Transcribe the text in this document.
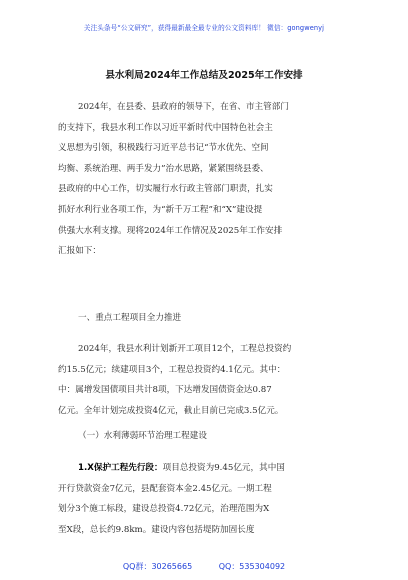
关注头条号“公文研究”，获得最新最全最专业的公文资料库！ 微信：gongwenyj
县水利局2024年工作总结及2025年工作安排
2024年，在县委、县政府的领导下，在省、市主管部门
的支持下，我县水利工作以习近平新时代中国特色社会主
义思想为引领，积极践行习近平总书记“节水优先、空间
均衡、系统治理、两手发力”治水思路，紧紧围绕县委、
县政府的中心工作，切实履行水行政主管部门职责，扎实
抓好水利行业各项工作，为“新千万工程”和“X”建设提
供强大水利支撑。现将2024年工作情况及2025年工作安排
汇报如下：
一、重点工程项目全力推进
2024年，我县水利计划新开工项目12个，工程总投资约
约15.5亿元；续建项目3个，工程总投资约4.1亿元。其中：
中：属增发国债项目共计8项，下达增发国债资金达0.87
亿元。全年计划完成投资4亿元，截止目前已完成3.5亿元。
（一）水利薄弱环节治理工程建设
1.X保护工程先行段：项目总投资为9.45亿元，其中国
开行贷款资金7亿元，县配套资本金2.45亿元。一期工程
划分3个施工标段，建设总投资4.72亿元，治理范围为X
至X段，总长约9.8km。建设内容包括堤防加固长度
QQ群：30265665	QQ：535304092
